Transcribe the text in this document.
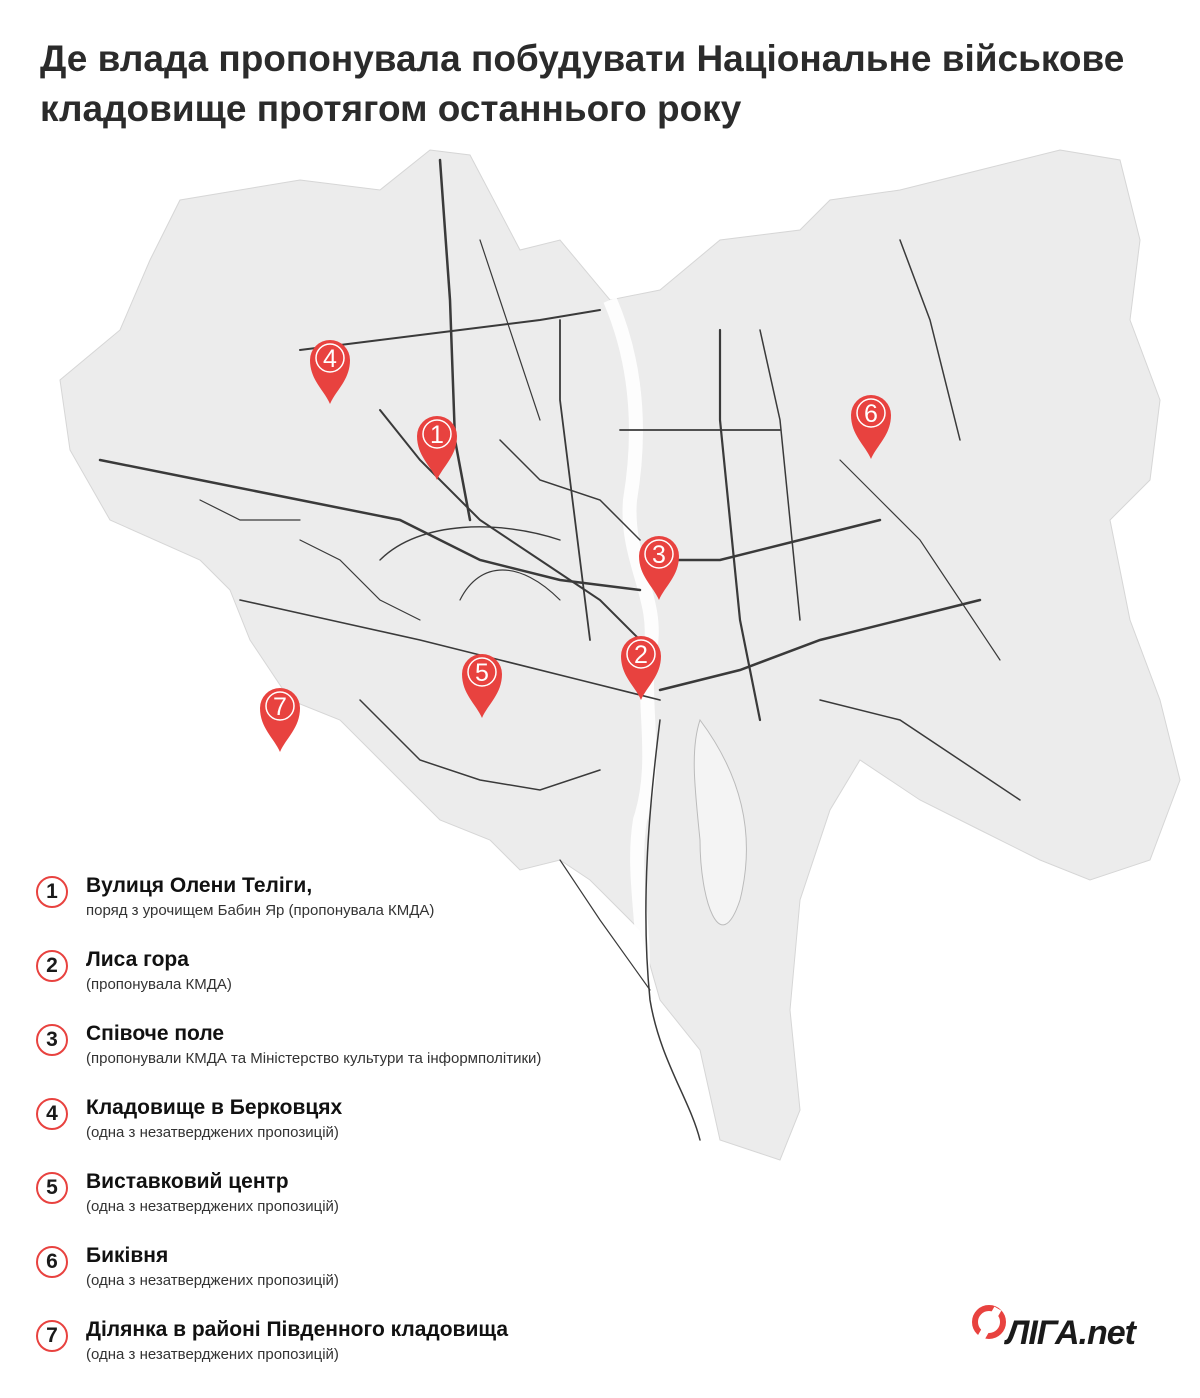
Де влада пропонувала побудувати Національне військове кладовище протягом останнього року
1
2
3
4
5
6
7
1	Вулиця Олени Теліги,
поряд з урочищем Бабин Яр (пропонувала КМДА)
2	Лиса гора
(пропонувала КМДА)
3	Співоче поле
(пропонували КМДА та Міністерство культури та інформполітики)
4	Кладовище в Берковцях
(одна з незатверджених пропозицій)
5	Виставковий центр
(одна з незатверджених пропозицій)
6	Биківня
(одна з незатверджених пропозицій)
7	Ділянка в районі Південного кладовища
(одна з незатверджених пропозицій)
ЛІГА.net
